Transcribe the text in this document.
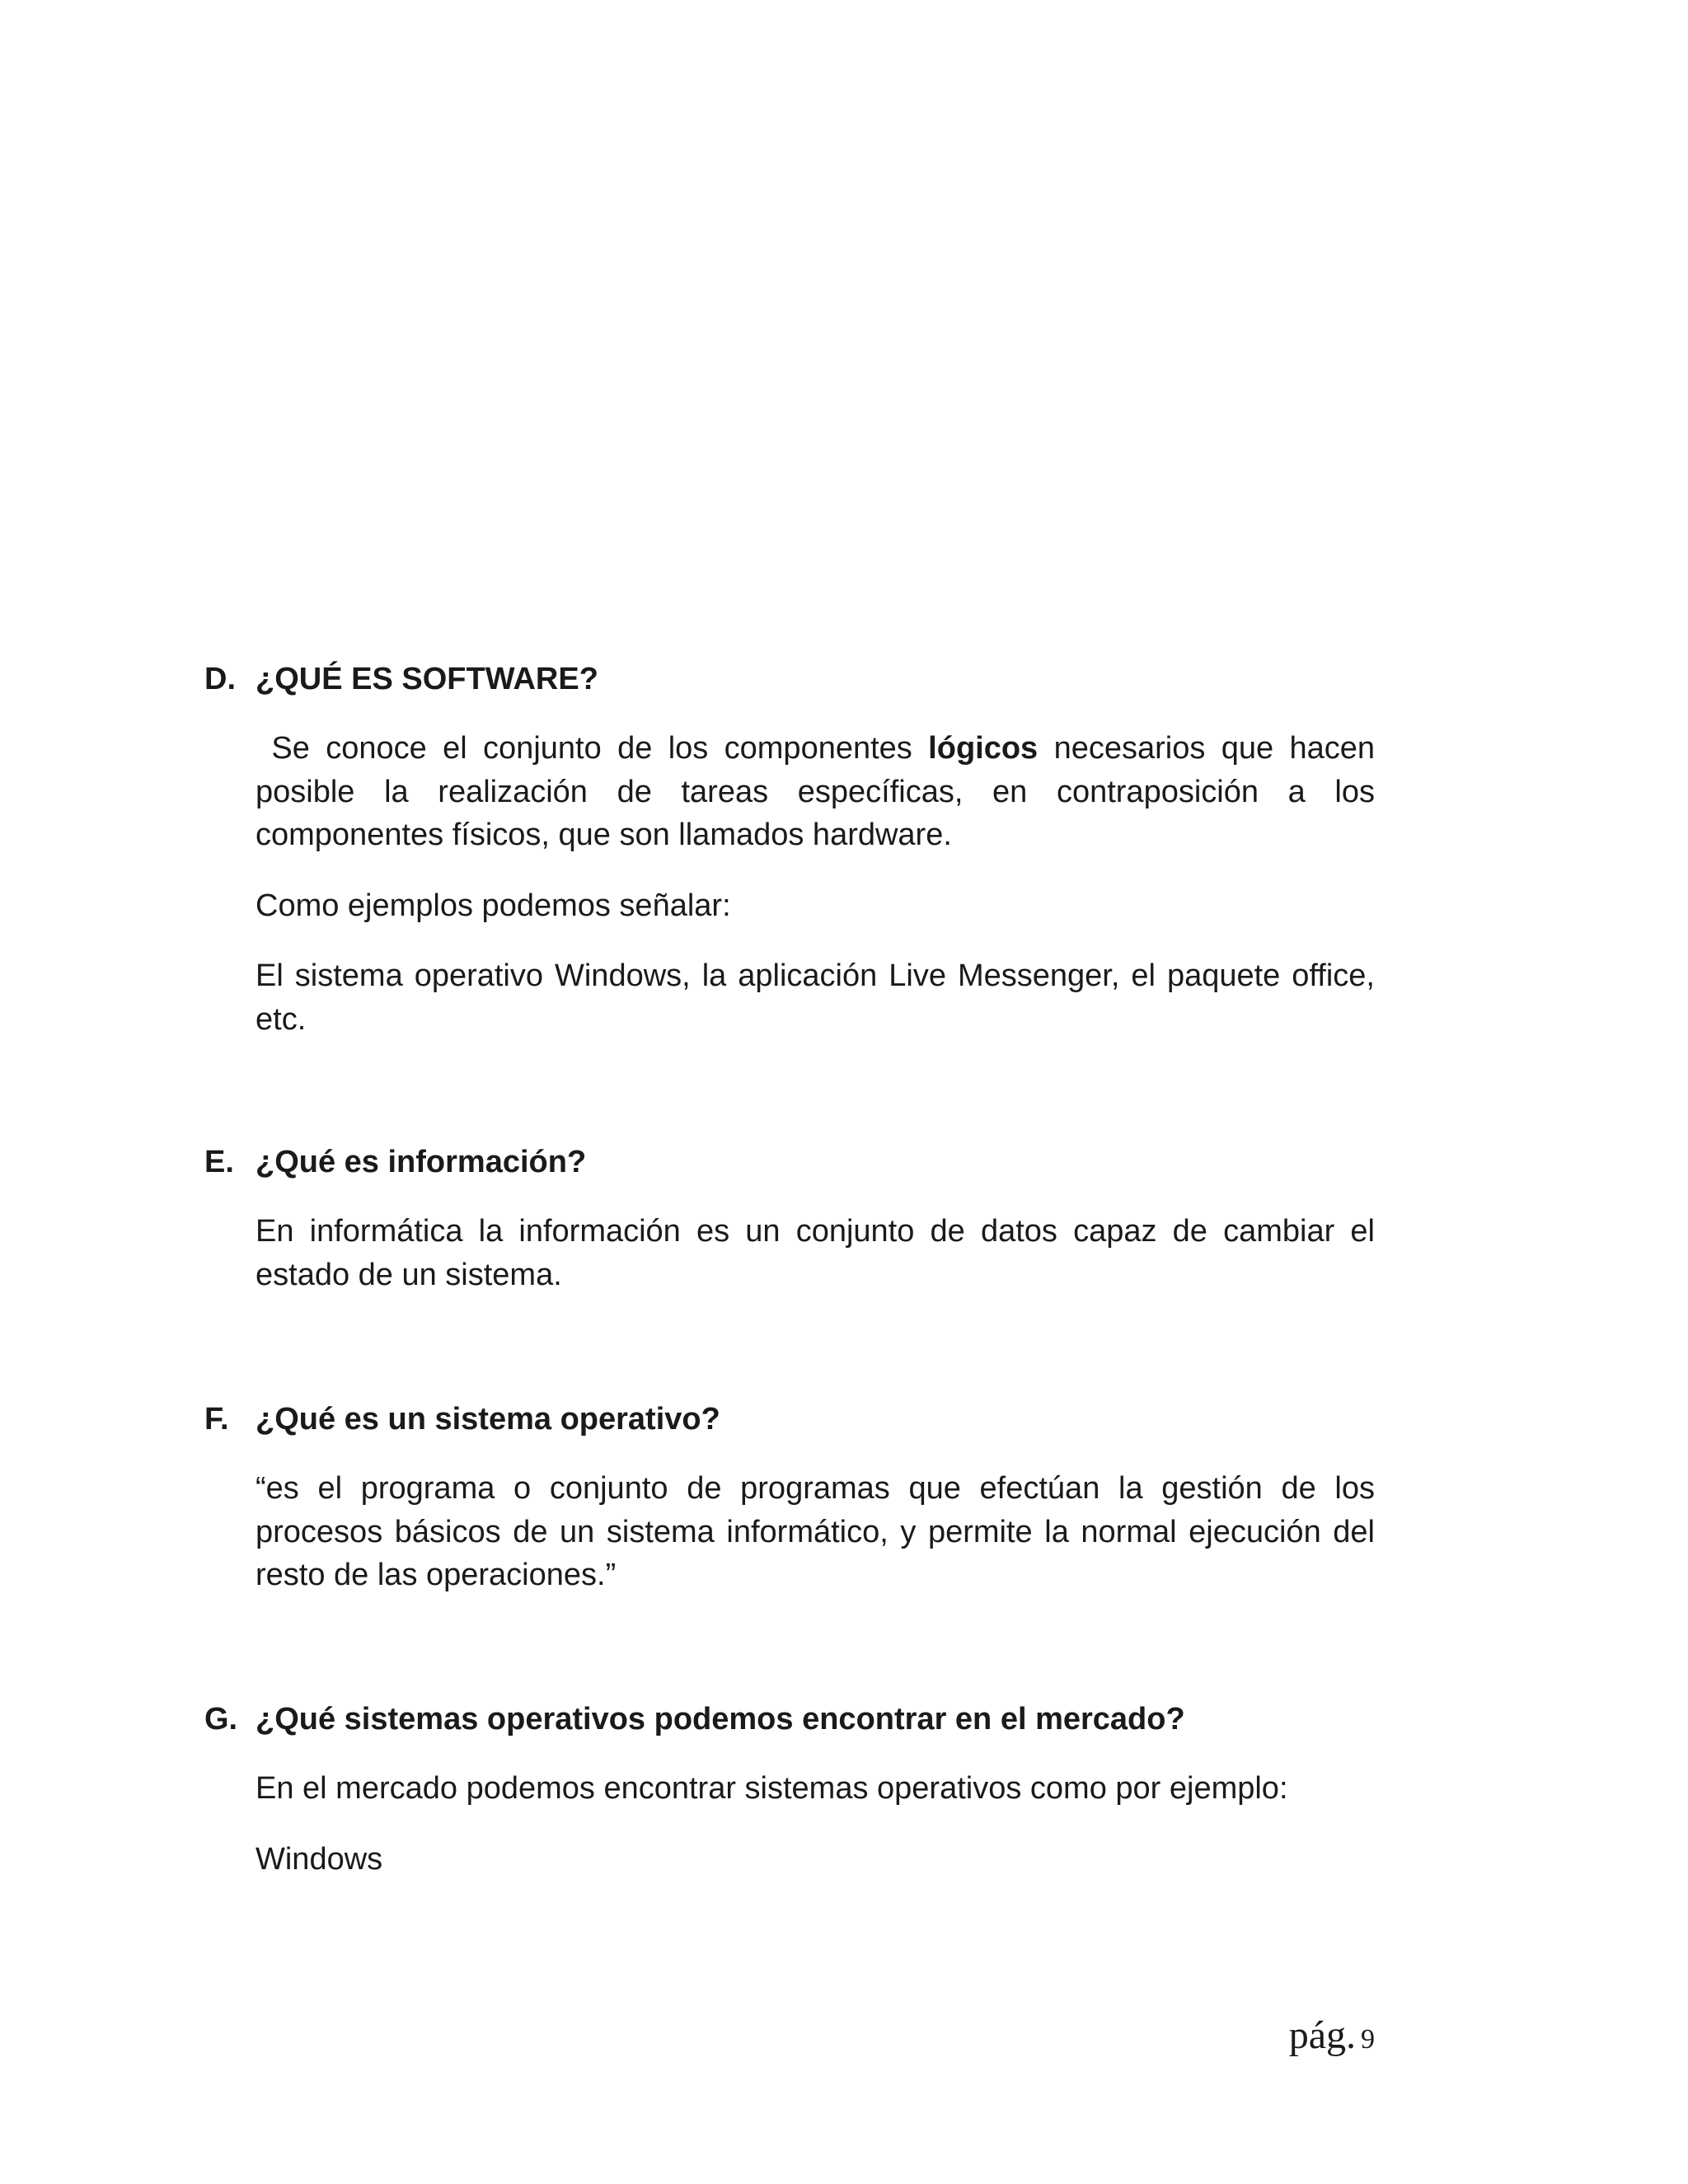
D. ¿QUÉ ES SOFTWARE?

Se conoce el conjunto de los componentes lógicos necesarios que hacen posible la realización de tareas específicas, en contraposición a los componentes físicos, que son llamados hardware.

Como ejemplos podemos señalar:

El sistema operativo Windows, la aplicación Live Messenger, el paquete office, etc.

E. ¿Qué es información?

En informática la información es un conjunto de datos capaz de cambiar el estado de un sistema.

F. ¿Qué es un sistema operativo?

“es el programa o conjunto de programas que efectúan la gestión de los procesos básicos de un sistema informático, y permite la normal ejecución del resto de las operaciones.”

G. ¿Qué sistemas operativos podemos encontrar en el mercado?

En el mercado podemos encontrar sistemas operativos como por ejemplo:

Windows

pág. 9
